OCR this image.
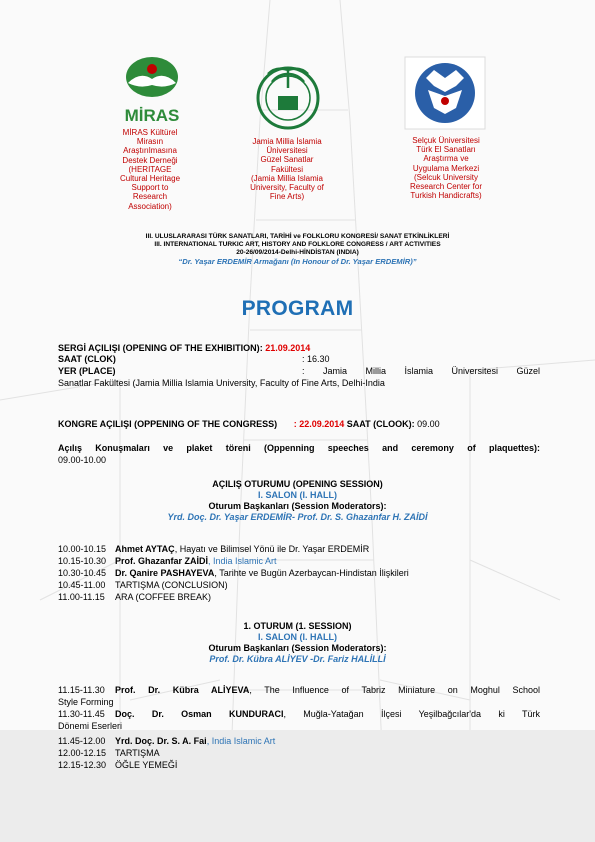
MİRAS
MİRAS Kültürel
Mirasın
Araştırılmasına
Destek Derneği
(HERITAGE
Cultural Heritage
Support to
Research
Association)
Jamia Millia İslamia
Üniversitesi
Güzel Sanatlar
Fakültesi
(Jamia Millia Islamia
University, Faculty of
Fine Arts)
Selçuk Üniversitesi
Türk El Sanatları
Araştırma ve
Uygulama Merkezi
(Selcuk University
Research Center for
Turkish Handicrafts)
III. ULUSLARARASI TÜRK SANATLARI, TARİHİ ve FOLKLORU KONGRESİ/ SANAT ETKİNLİKLERİ
III. INTERNATIONAL TURKIC ART, HISTORY AND FOLKLORE CONGRESS / ART ACTIVITIES
20-26/09/2014-Delhi-HİNDİSTAN (INDIA)
“Dr. Yaşar ERDEMİR Armağanı (In Honour of Dr. Yaşar ERDEMİR)”
PROGRAM
SERGİ AÇILIŞI (OPENING OF THE EXHIBITION): 21.09.2014
SAAT (CLOK)	: 16.30
YER (PLACE)	: Jamia Millia İslamia Üniversitesi Güzel
Sanatlar Fakültesi (Jamia Millia Islamia University, Faculty of Fine Arts, Delhi-India
KONGRE AÇILIŞI (OPPENING OF THE CONGRESS) : 22.09.2014 SAAT (CLOOK): 09.00
Açılış Konuşmaları ve plaket töreni (Oppenning speeches and ceremony of plaquettes):
09.00-10.00
AÇILIŞ OTURUMU (OPENING SESSION)
I. SALON (I. HALL)
Oturum Başkanları (Session Moderators):
Yrd. Doç. Dr. Yaşar ERDEMİR- Prof. Dr. S. Ghazanfar H. ZAİDİ
10.00-10.15 Ahmet AYTAÇ, Hayatı ve Bilimsel Yönü ile Dr. Yaşar ERDEMİR
10.15-10.30 Prof. Ghazanfar ZAİDİ, India Islamic Art
10.30-10.45 Dr. Qanire PASHAYEVA, Tarihte ve Bugün Azerbaycan-Hindistan İlişkileri
10.45-11.00 TARTIŞMA (CONCLUSION)
11.00-11.15 ARA (COFFEE BREAK)
1. OTURUM (1. SESSION)
I. SALON (I. HALL)
Oturum Başkanları (Session Moderators):
Prof. Dr. Kübra ALİYEV -Dr. Fariz HALİLLİ
11.15-11.30 Prof. Dr. Kübra ALİYEVA, The Influence of Tabriz Miniature on Moghul School
Style Forming
11.30-11.45 Doç. Dr. Osman KUNDURACI, Muğla-Yatağan İlçesi Yeşilbağcılar'da ki Türk
Dönemi Eserleri
11.45-12.00 Yrd. Doç. Dr. S. A. Fai, India Islamic Art
12.00-12.15 TARTIŞMA
12.15-12.30 ÖĞLE YEMEĞİ
